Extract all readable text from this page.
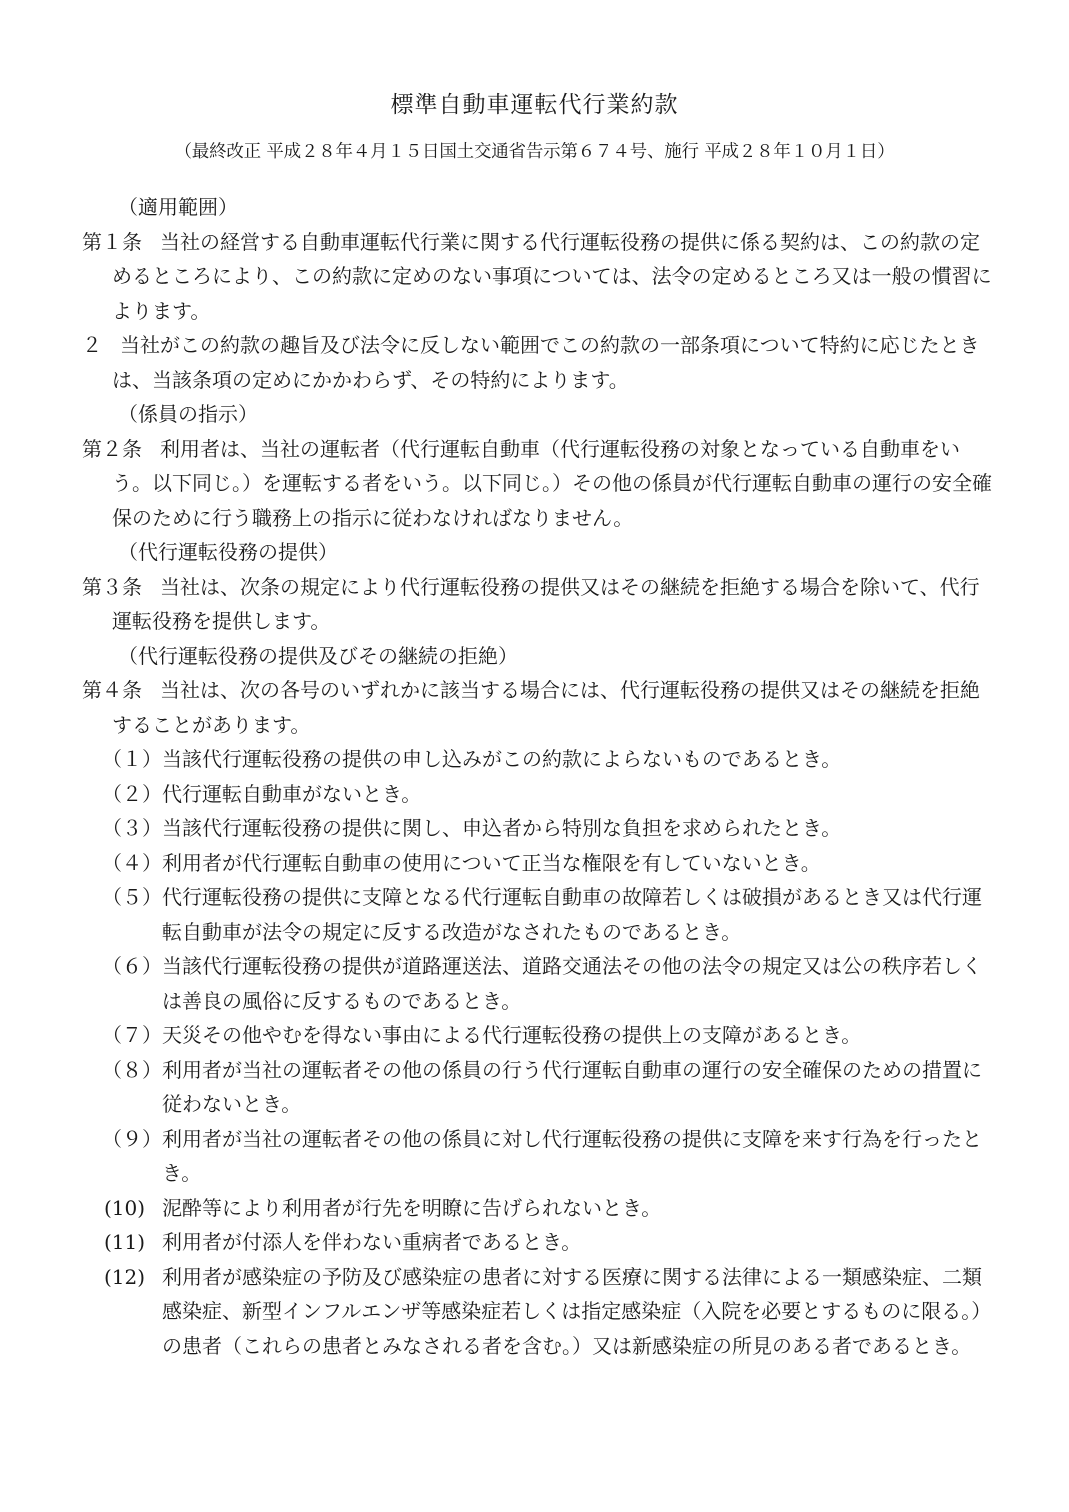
標準自動車運転代行業約款
（最終改正 平成２８年４月１５日国土交通省告示第６７４号、施行 平成２８年１０月１日）
（適用範囲）
第１条 当社の経営する自動車運転代行業に関する代行運転役務の提供に係る契約は、この約款の定めるところにより、この約款に定めのない事項については、法令の定めるところ又は一般の慣習によります。
２ 当社がこの約款の趣旨及び法令に反しない範囲でこの約款の一部条項について特約に応じたときは、当該条項の定めにかかわらず、その特約によります。
（係員の指示）
第２条 利用者は、当社の運転者（代行運転自動車（代行運転役務の対象となっている自動車をいう。以下同じ。）を運転する者をいう。以下同じ。）その他の係員が代行運転自動車の運行の安全確保のために行う職務上の指示に従わなければなりません。
（代行運転役務の提供）
第３条 当社は、次条の規定により代行運転役務の提供又はその継続を拒絶する場合を除いて、代行運転役務を提供します。
（代行運転役務の提供及びその継続の拒絶）
第４条 当社は、次の各号のいずれかに該当する場合には、代行運転役務の提供又はその継続を拒絶することがあります。
（１） 当該代行運転役務の提供の申し込みがこの約款によらないものであるとき。
（２） 代行運転自動車がないとき。
（３） 当該代行運転役務の提供に関し、申込者から特別な負担を求められたとき。
（４） 利用者が代行運転自動車の使用について正当な権限を有していないとき。
（５） 代行運転役務の提供に支障となる代行運転自動車の故障若しくは破損があるとき又は代行運転自動車が法令の規定に反する改造がなされたものであるとき。
（６） 当該代行運転役務の提供が道路運送法、道路交通法その他の法令の規定又は公の秩序若しくは善良の風俗に反するものであるとき。
（７） 天災その他やむを得ない事由による代行運転役務の提供上の支障があるとき。
（８） 利用者が当社の運転者その他の係員の行う代行運転自動車の運行の安全確保のための措置に従わないとき。
（９） 利用者が当社の運転者その他の係員に対し代行運転役務の提供に支障を来す行為を行ったとき。
(10) 泥酔等により利用者が行先を明瞭に告げられないとき。
(11) 利用者が付添人を伴わない重病者であるとき。
(12) 利用者が感染症の予防及び感染症の患者に対する医療に関する法律による一類感染症、二類感染症、新型インフルエンザ等感染症若しくは指定感染症（入院を必要とするものに限る。）の患者（これらの患者とみなされる者を含む。）又は新感染症の所見のある者であるとき。
